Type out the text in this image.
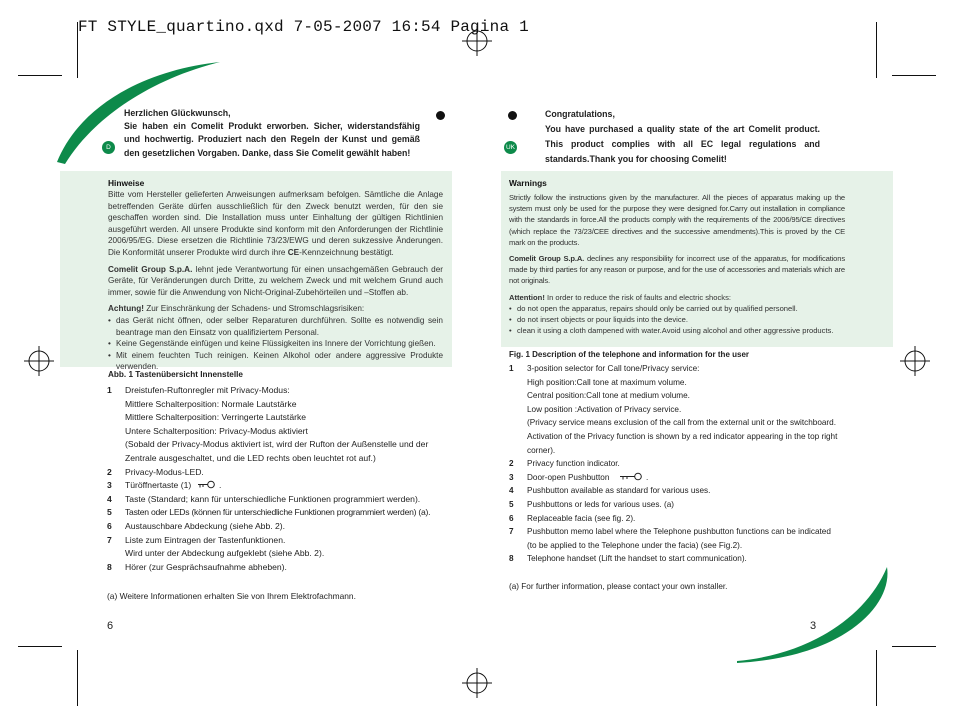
FT STYLE_quartino.qxd 7-05-2007 16:54 Pagina 1
D	UK
Herzlichen Glückwunsch,
Sie haben ein Comelit Produkt erworben. Sicher, widerstandsfähig und hochwertig. Produziert nach den Regeln der Kunst und gemäß den gesetzlichen Vorgaben. Danke, dass Sie Comelit gewählt haben!
Hinweise
Bitte vom Hersteller gelieferten Anweisungen aufmerksam befolgen. Sämtliche die Anlage betreffenden Geräte dürfen ausschließlich für den Zweck benutzt werden, für den sie geschaffen worden sind. Die Installation muss unter Einhaltung der gültigen Richtlinien ausgeführt werden. All unsere Produkte sind konform mit den Anforderungen der Richtlinie 2006/95/EG. Diese ersetzen die Richtlinie 73/23/EWG und deren sukzessive Änderungen. Die Konformität unserer Produkte wird durch ihre CE-Kennzeichnung bestätigt.
Comelit Group S.p.A. lehnt jede Verantwortung für einen unsachgemäßen Gebrauch der Geräte, für Veränderungen durch Dritte, zu welchem Zweck und mit welchem Grund auch immer, sowie für die Anwendung von Nicht-Original-Zubehörteilen und –Stoffen ab.
Achtung! Zur Einschränkung der Schadens- und Stromschlagsrisiken:
• das Gerät nicht öffnen, oder selber Reparaturen durchführen. Sollte es notwendig sein beantrage man den Einsatz von qualifiziertem Personal.
• Keine Gegenstände einfügen und keine Flüssigkeiten ins Innere der Vorrichtung gießen.
• Mit einem feuchten Tuch reinigen. Keinen Alkohol oder andere aggressive Produkte verwenden.
Abb. 1 Tastenübersicht Innenstelle
1 Dreistufen-Ruftonregler mit Privacy-Modus:
Mittlere Schalterposition: Normale Lautstärke
Mittlere Schalterposition: Verringerte Lautstärke
Untere Schalterposition: Privacy-Modus aktiviert
(Sobald der Privacy-Modus aktiviert ist, wird der Rufton der Außenstelle und der
Zentrale ausgeschaltet, und die LED rechts oben leuchtet rot auf.)
2 Privacy-Modus-LED.
3 Türöffnertaste (1)	.
4 Taste (Standard; kann für unterschiedliche Funktionen programmiert werden).
5 Tasten oder LEDs (können für unterschiedliche Funktionen programmiert werden) (a).
6 Austauschbare Abdeckung (siehe Abb. 2).
7 Liste zum Eintragen der Tastenfunktionen.
Wird unter der Abdeckung aufgeklebt (siehe Abb. 2).
8 Hörer (zur Gesprächsaufnahme abheben).
(a) Weitere Informationen erhalten Sie von Ihrem Elektrofachmann.
6
Congratulations,
You have purchased a quality state of the art Comelit product. This product complies with all EC legal regulations and standards.Thank you for choosing Comelit!
Warnings
Strictly follow the instructions given by the manufacturer. All the pieces of apparatus making up the system must only be used for the purpose they were designed for.Carry out installation in compliance with the standards in force.All the products comply with the requirements of the 2006/95/CE directives (which replace the 73/23/CEE directives and the successive amendments).This is proved by the CE mark on the products.
Comelit Group S.p.A. declines any responsibility for incorrect use of the apparatus, for modifications made by third parties for any reason or purpose, and for the use of accessories and materials which are not originals.
Attention! In order to reduce the risk of faults and electric shocks:
• do not open the apparatus, repairs should only be carried out by qualified personell.
• do not insert objects or pour liquids into the device.
• clean it using a cloth dampened with water.Avoid using alcohol and other aggressive products.
Fig. 1 Description of the telephone and information for the user
1 3-position selector for Call tone/Privacy service:
High position:Call tone at maximum volume.
Central position:Call tone at medium volume.
Low position :Activation of Privacy service.
(Privacy service means exclusion of the call from the external unit or the switchboard.
Activation of the Privacy function is shown by a red indicator appearing in the top right
corner).
2 Privacy function indicator.
3 Door-open Pushbutton	.
4 Pushbutton available as standard for various uses.
5 Pushbuttons or leds for various uses. (a)
6 Replaceable facia (see fig. 2).
7 Pushbutton memo label where the Telephone pushbutton functions can be indicated
(to be applied to the Telephone under the facia) (see Fig.2).
8 Telephone handset (Lift the handset to start communication).
(a) For further information, please contact your own installer.
3
